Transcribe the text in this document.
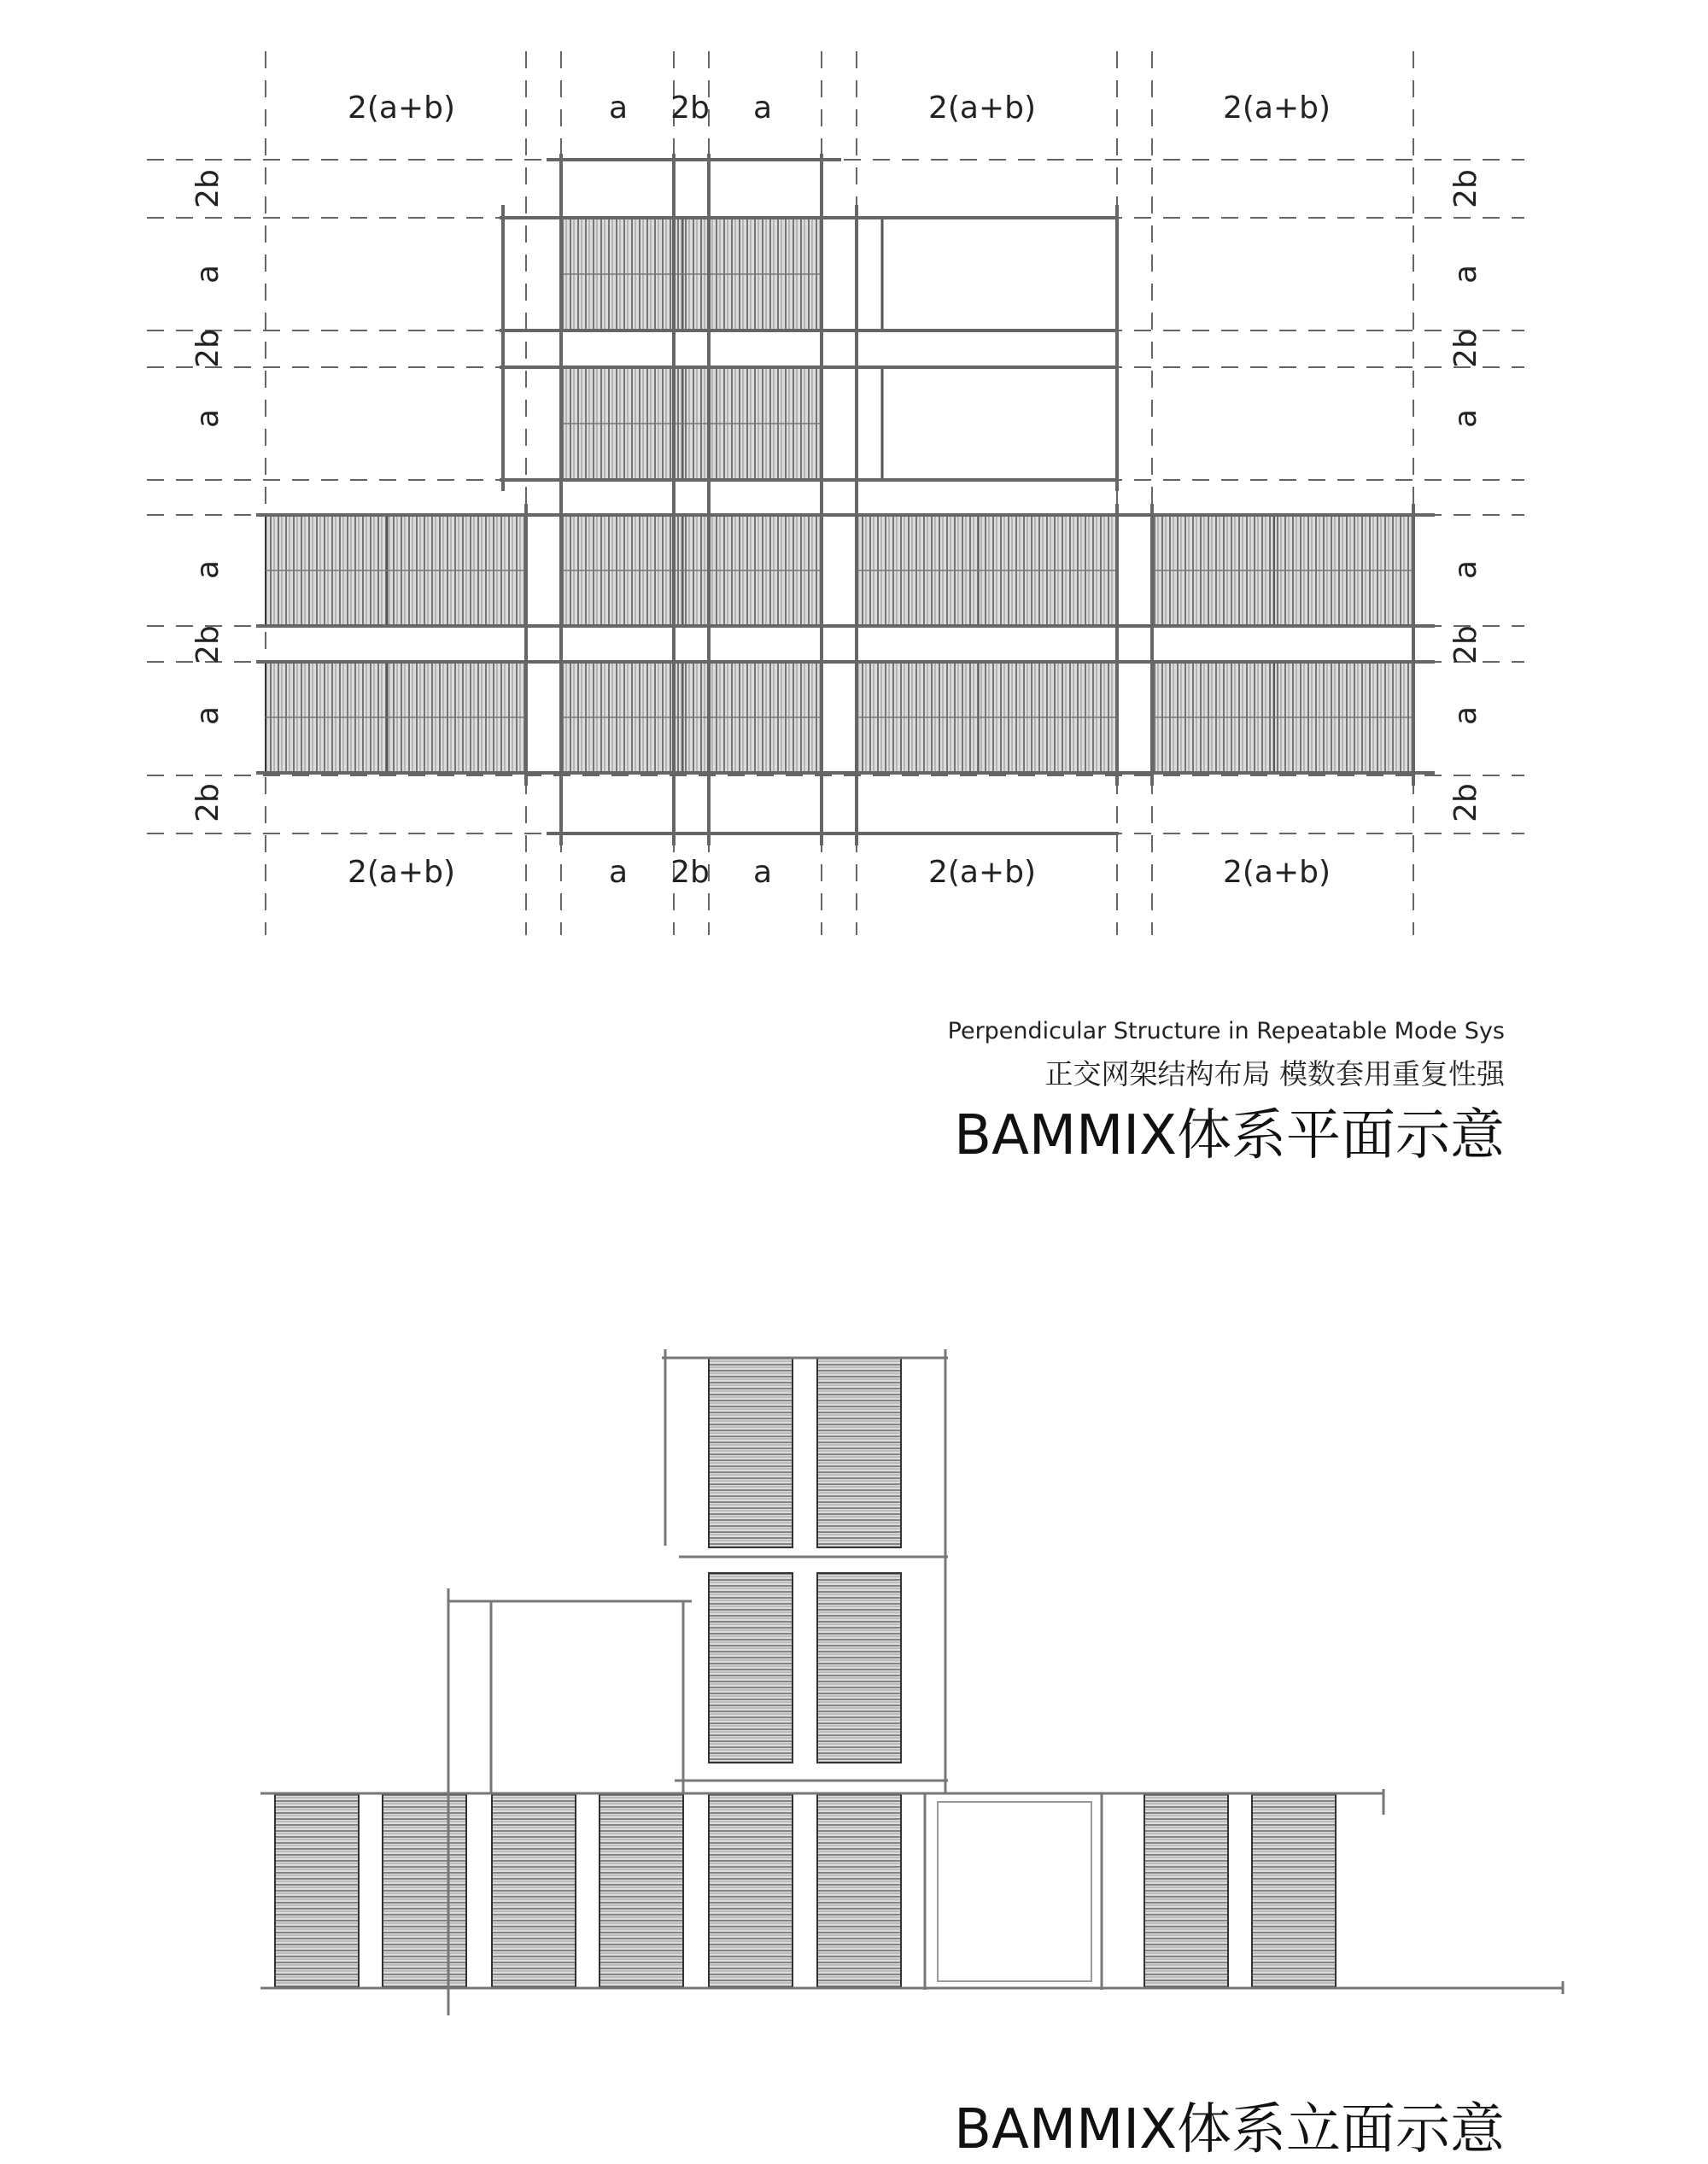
2(a+b)	a 2b a	2(a+b)	2(a+b)
2(a+b)	a 2b a	2(a+b)	2(a+b)
2b
a
2b
a
a
2b
a
2b
2b
a
2b
a
a
2b
a
2b
Perpendicular Structure in Repeatable Mode Sys
正交网架结构布局 模数套用重复性强
BAMMIX体系平面示意
BAMMIX体系立面示意
